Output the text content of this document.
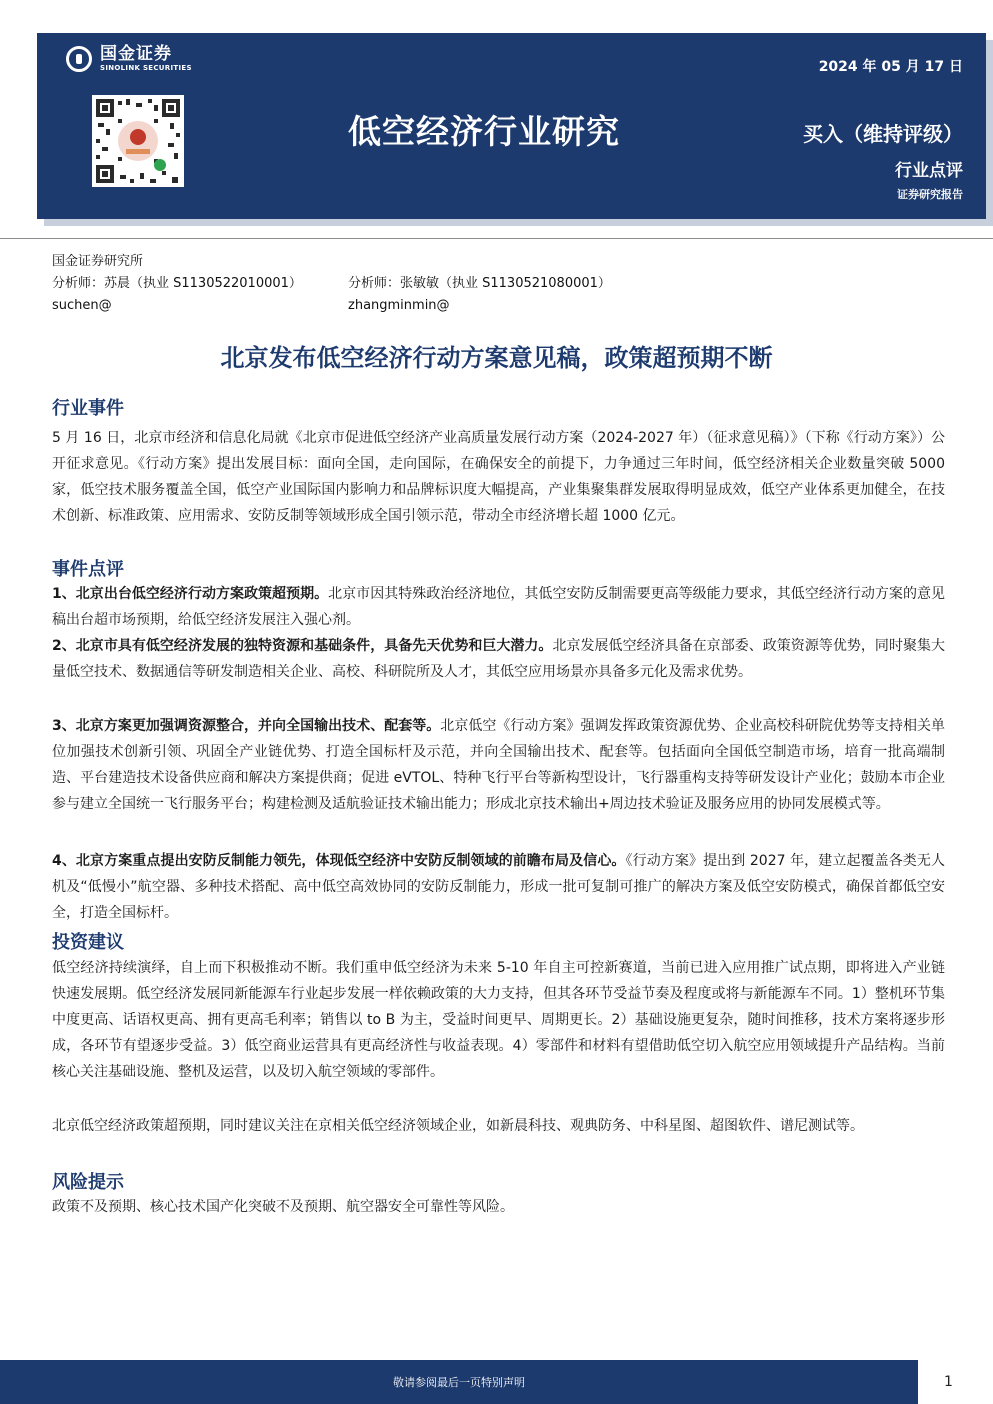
国金证券
SINOLINK SECURITIES	2024 年 05 月 17 日
低空经济行业研究	买入（维持评级）
行业点评
证券研究报告
国金证券研究所
分析师：苏晨（执业 S1130522010001）	分析师：张敏敏（执业 S1130521080001）
suchen@	zhangminmin@
北京发布低空经济行动方案意见稿，政策超预期不断
行业事件
5 月 16 日，北京市经济和信息化局就《北京市促进低空经济产业高质量发展行动方案（2024-2027 年）（征求意见稿）》（下称《行动方案》）公开征求意见。《行动方案》提出发展目标：面向全国，走向国际，在确保安全的前提下，力争通过三年时间，低空经济相关企业数量突破 5000 家，低空技术服务覆盖全国，低空产业国际国内影响力和品牌标识度大幅提高，产业集聚集群发展取得明显成效，低空产业体系更加健全，在技术创新、标准政策、应用需求、安防反制等领域形成全国引领示范，带动全市经济增长超 1000 亿元。
事件点评
1、北京出台低空经济行动方案政策超预期。北京市因其特殊政治经济地位，其低空安防反制需要更高等级能力要求，其低空经济行动方案的意见稿出台超市场预期，给低空经济发展注入强心剂。
2、北京市具有低空经济发展的独特资源和基础条件，具备先天优势和巨大潜力。北京发展低空经济具备在京部委、政策资源等优势，同时聚集大量低空技术、数据通信等研发制造相关企业、高校、科研院所及人才，其低空应用场景亦具备多元化及需求优势。
3、北京方案更加强调资源整合，并向全国输出技术、配套等。北京低空《行动方案》强调发挥政策资源优势、企业高校科研院优势等支持相关单位加强技术创新引领、巩固全产业链优势、打造全国标杆及示范，并向全国输出技术、配套等。包括面向全国低空制造市场，培育一批高端制造、平台建造技术设备供应商和解决方案提供商；促进 eVTOL、特种飞行平台等新构型设计，飞行器重构支持等研发设计产业化；鼓励本市企业参与建立全国统一飞行服务平台；构建检测及适航验证技术输出能力；形成北京技术输出+周边技术验证及服务应用的协同发展模式等。
4、北京方案重点提出安防反制能力领先，体现低空经济中安防反制领域的前瞻布局及信心。《行动方案》提出到 2027 年，建立起覆盖各类无人机及“低慢小”航空器、多种技术搭配、高中低空高效协同的安防反制能力，形成一批可复制可推广的解决方案及低空安防模式，确保首都低空安全，打造全国标杆。
投资建议
低空经济持续演绎，自上而下积极推动不断。我们重申低空经济为未来 5-10 年自主可控新赛道，当前已进入应用推广试点期，即将进入产业链快速发展期。低空经济发展同新能源车行业起步发展一样依赖政策的大力支持，但其各环节受益节奏及程度或将与新能源车不同。1）整机环节集中度更高、话语权更高、拥有更高毛利率；销售以 to B 为主，受益时间更早、周期更长。2）基础设施更复杂，随时间推移，技术方案将逐步形成，各环节有望逐步受益。3）低空商业运营具有更高经济性与收益表现。4）零部件和材料有望借助低空切入航空应用领域提升产品结构。当前核心关注基础设施、整机及运营，以及切入航空领域的零部件。
北京低空经济政策超预期，同时建议关注在京相关低空经济领域企业，如新晨科技、观典防务、中科星图、超图软件、谱尼测试等。
风险提示
政策不及预期、核心技术国产化突破不及预期、航空器安全可靠性等风险。
敬请参阅最后一页特别声明	1
